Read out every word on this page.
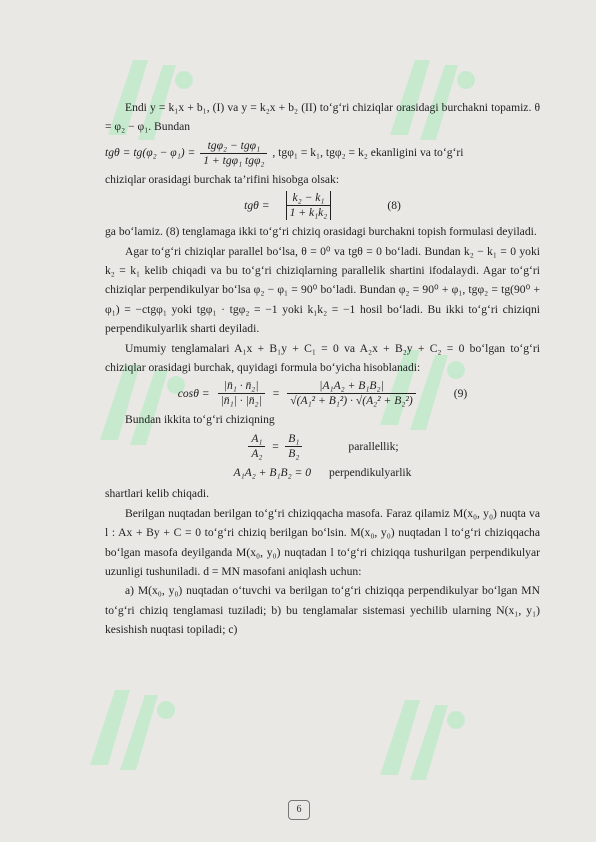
Endi y = k₁x + b₁, (I) va y = k₂x + b₂ (II) to‘g‘ri chiziqlar orasidagi burchakni topamiz. θ = φ₂ − φ₁. Bundan

$tg\theta = tg(\varphi_2 - \varphi_1) = \frac{\text{tgφ₂ − tgφ₁}}{\text{1 + tgφ₁ tgφ₂}}$ , tgφ₁ = k₁, tgφ₂ = k₂ ekanligini va to‘g‘ri

chiziqlar orasidagi burchak ta’rifini hisobga olsak:

$tg\theta = \frac{\text{k₂ − k₁}}{\text{1 + k₁k₂}}$	(8)

ga bo‘lamiz. (8) tenglamaga ikki to‘g‘ri chiziq orasidagi burchakni topish formulasi deyiladi.

Agar to‘g‘ri chiziqlar parallel bo‘lsa, θ = 0⁰ va tgθ = 0 bo‘ladi. Bundan k₂ − k₁ = 0 yoki k₂ = k₁ kelib chiqadi va bu to‘g‘ri chiziqlarning parallelik shartini ifodalaydi. Agar to‘g‘ri chiziqlar perpendikulyar bo‘lsa φ₂ − φ₁ = 90⁰ bo‘ladi. Bundan φ₂ = 90⁰ + φ₁, tgφ₂ = tg(90⁰ + φ₁) = −ctgφ₁ yoki tgφ₁ · tgφ₂ = −1 yoki k₁k₂ = −1 hosil bo‘ladi. Bu ikki to‘g‘ri chiziqni perpendikulyarlik sharti deyiladi.

Umumiy tenglamalari A₁x + B₁y + C₁ = 0 va A₂x + B₂y + C₂ = 0 bo‘lgan to‘g‘ri chiziqlar orasidagi burchak, quyidagi formula bo‘yicha hisoblanadi:

$\cos\theta = \frac{\text{|n̄₁ · n̄₂|}}{\text{|n̄₁| · |n̄₂|}} = \frac{\text{|A₁A₂ + B₁B₂|}}{\text{√(A₁² + B₁²) · √(A₂² + B₂²)}}$	(9)

Bundan ikkita to‘g‘ri chiziqning

$\frac{\text{A₁}}{\text{A₂}} = \frac{\text{B₁}}{\text{B₂}}$	parallellik;
A₁A₂ + B₁B₂ = 0 perpendikulyarlik

shartlari kelib chiqadi.

Berilgan nuqtadan berilgan to‘g‘ri chiziqqacha masofa. Faraz qilamiz M(x₀, y₀) nuqta va l : Ax + By + C = 0 to‘g‘ri chiziq berilgan bo‘lsin. M(x₀, y₀) nuqtadan l to‘g‘ri chiziqqacha bo‘lgan masofa deyilganda M(x₀, y₀) nuqtadan l to‘g‘ri chiziqqa tushurilgan perpendikulyar uzunligi tushuniladi. d = MN masofani aniqlash uchun:

a) M(x₀, y₀) nuqtadan o‘tuvchi va berilgan to‘g‘ri chiziqqa perpendikulyar bo‘lgan MN to‘g‘ri chiziq tenglamasi tuziladi; b) bu tenglamalar sistemasi yechilib ularning N(x₁, y₁) kesishish nuqtasi topiladi; c)

6
